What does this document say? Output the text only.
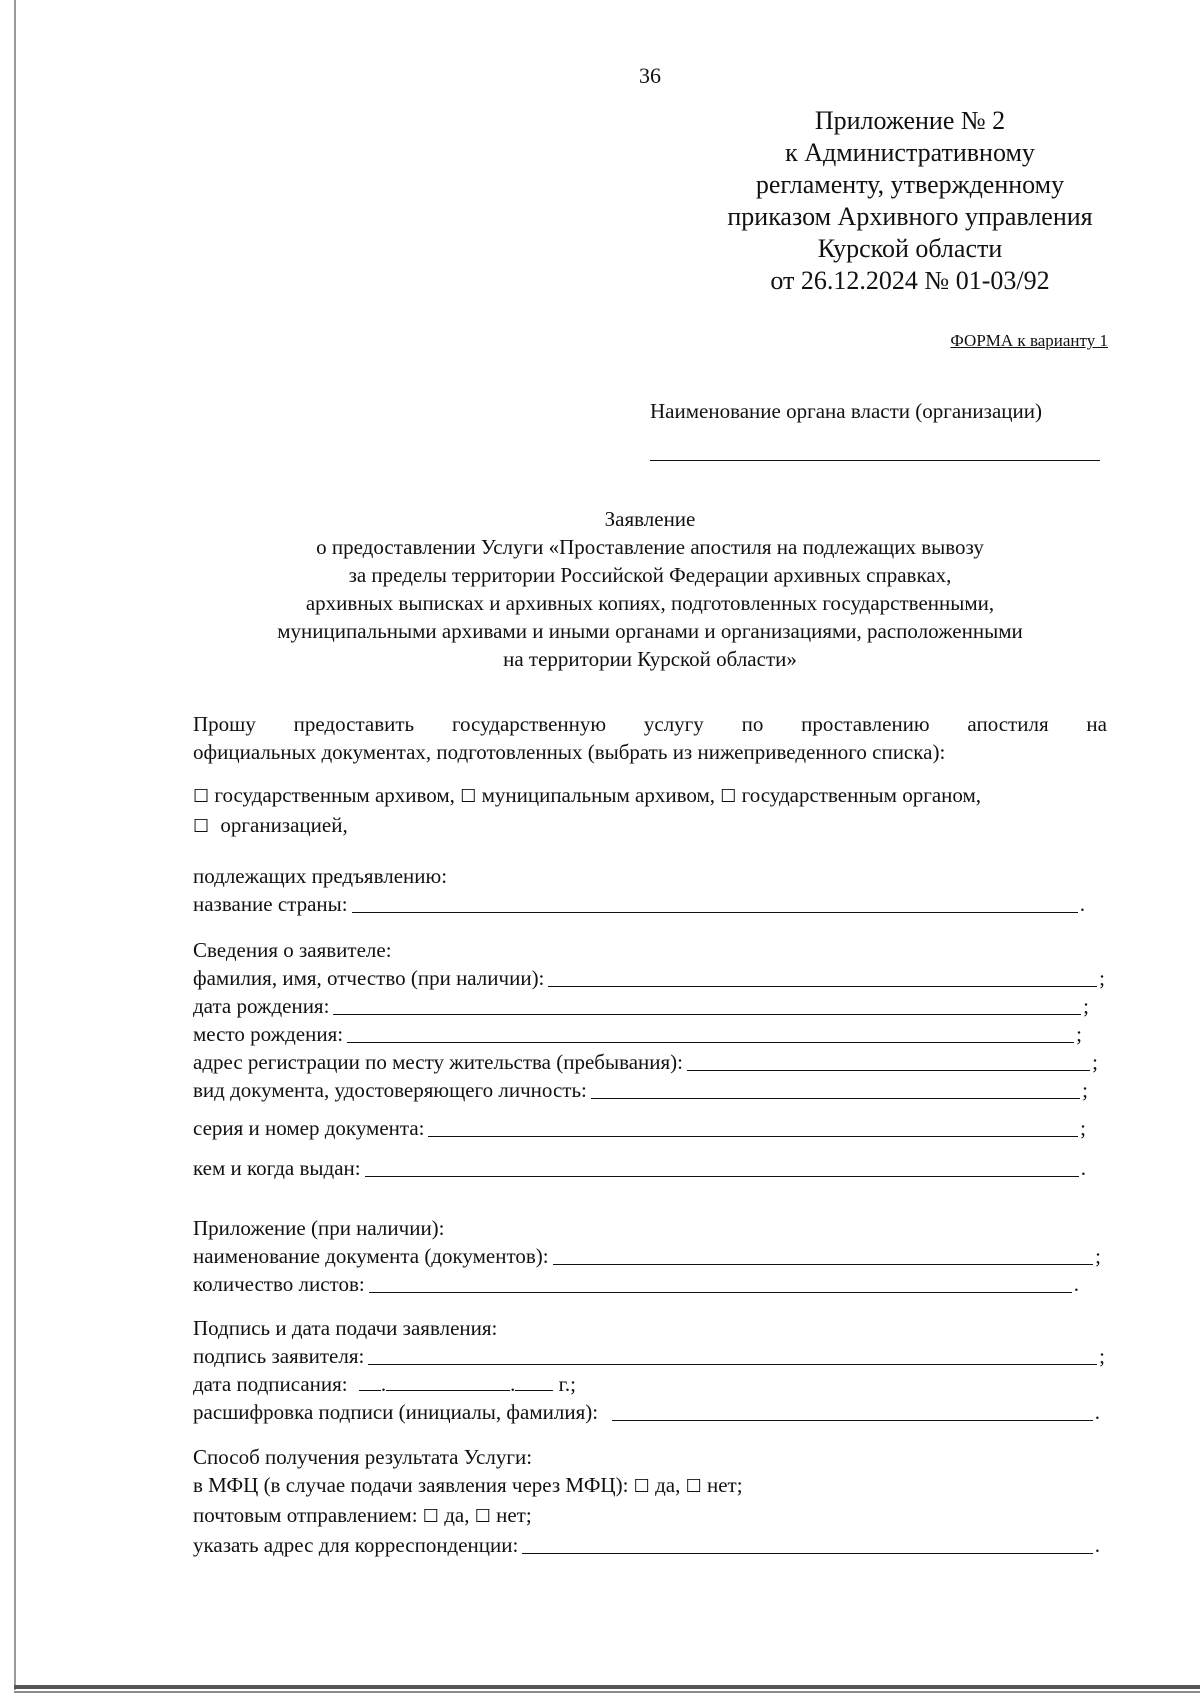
36
Приложение № 2
к Административному
регламенту, утвержденному
приказом Архивного управления
Курской области
от 26.12.2024 № 01-03/92
ФОРМА к варианту 1
Наименование органа власти (организации)
Заявление
о предоставлении Услуги «Проставление апостиля на подлежащих вывозу
за пределы территории Российской Федерации архивных справках,
архивных выписках и архивных копиях, подготовленных государственными,
муниципальными архивами и иными органами и организациями, расположенными
на территории Курской области»
Прошу предоставить государственную услугу по проставлению апостиля на
официальных документах, подготовленных (выбрать из нижеприведенного списка):
☐ государственным архивом, ☐ муниципальным архивом, ☐ государственным органом,
☐ организацией,
подлежащих предъявлению:
название страны:	.
Сведения о заявителе:
фамилия, имя, отчество (при наличии):	;
дата рождения:	;
место рождения:	;
адрес регистрации по месту жительства (пребывания):	;
вид документа, удостоверяющего личность:	;
серия и номер документа:	;
кем и когда выдан:	.
Приложение (при наличии):
наименование документа (документов):	;
количество листов:	.
Подпись и дата подачи заявления:
подпись заявителя:	;
дата подписания: .	. г.;
расшифровка подписи (инициалы, фамилия):	.
Способ получения результата Услуги:
в МФЦ (в случае подачи заявления через МФЦ): ☐ да, ☐ нет;
почтовым отправлением: ☐ да, ☐ нет;
указать адрес для корреспонденции:	.
